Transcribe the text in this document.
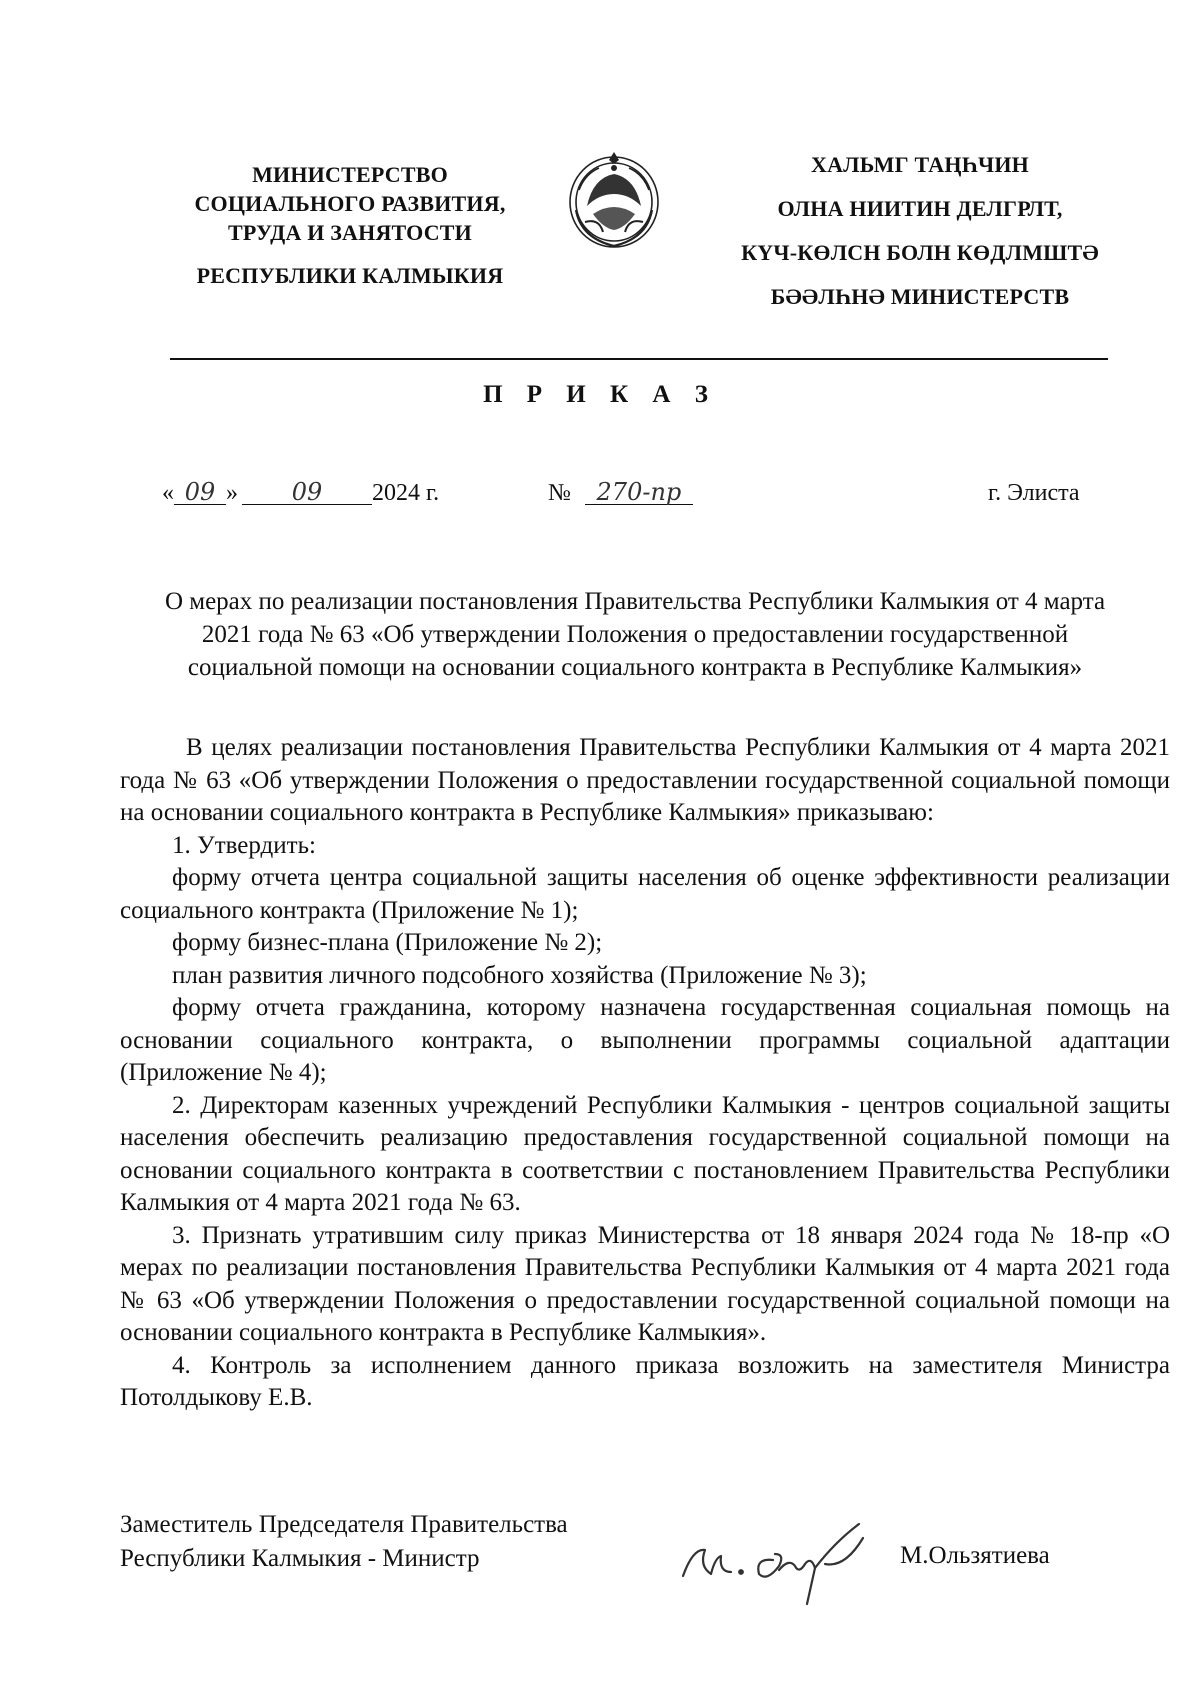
МИНИСТЕРСТВО
СОЦИАЛЬНОГО РАЗВИТИЯ,
ТРУДА И ЗАНЯТОСТИ
РЕСПУБЛИКИ КАЛМЫКИЯ
ХАЛЬМГ ТАҢҺЧИН
ОЛНА НИИТИН ДЕЛГРЛТ,
КҮЧ-КӨЛСН БОЛН КӨДЛМШТӘ
БӘӘЛҺНӘ МИНИСТЕРСТВ
П Р И К А З
« 09 » 09 2024 г.	№ 270-пр	г. Элиста
О мерах по реализации постановления Правительства Республики Калмыкия от 4 марта 2021 года № 63 «Об утверждении Положения о предоставлении государственной социальной помощи на основании социального контракта в Республике Калмыкия»

В целях реализации постановления Правительства Республики Калмыкия от 4 марта 2021 года № 63 «Об утверждении Положения о предоставлении государственной социальной помощи на основании социального контракта в Республике Калмыкия» приказываю:

1. Утвердить:

форму отчета центра социальной защиты населения об оценке эффективности реализации социального контракта (Приложение № 1);

форму бизнес-плана (Приложение № 2);

план развития личного подсобного хозяйства (Приложение № 3);

форму отчета гражданина, которому назначена государственная социальная помощь на основании социального контракта, о выполнении программы социальной адаптации (Приложение № 4);

2. Директорам казенных учреждений Республики Калмыкия - центров социальной защиты населения обеспечить реализацию предоставления государственной социальной помощи на основании социального контракта в соответствии с постановлением Правительства Республики Калмыкия от 4 марта 2021 года № 63.

3. Признать утратившим силу приказ Министерства от 18 января 2024 года № 18-пр «О мерах по реализации постановления Правительства Республики Калмыкия от 4 марта 2021 года № 63 «Об утверждении Положения о предоставлении государственной социальной помощи на основании социального контракта в Республике Калмыкия».

4. Контроль за исполнением данного приказа возложить на заместителя Министра Потолдыкову Е.В.

Заместитель Председателя Правительства
Республики Калмыкия - Министр	М.Ользятиева
